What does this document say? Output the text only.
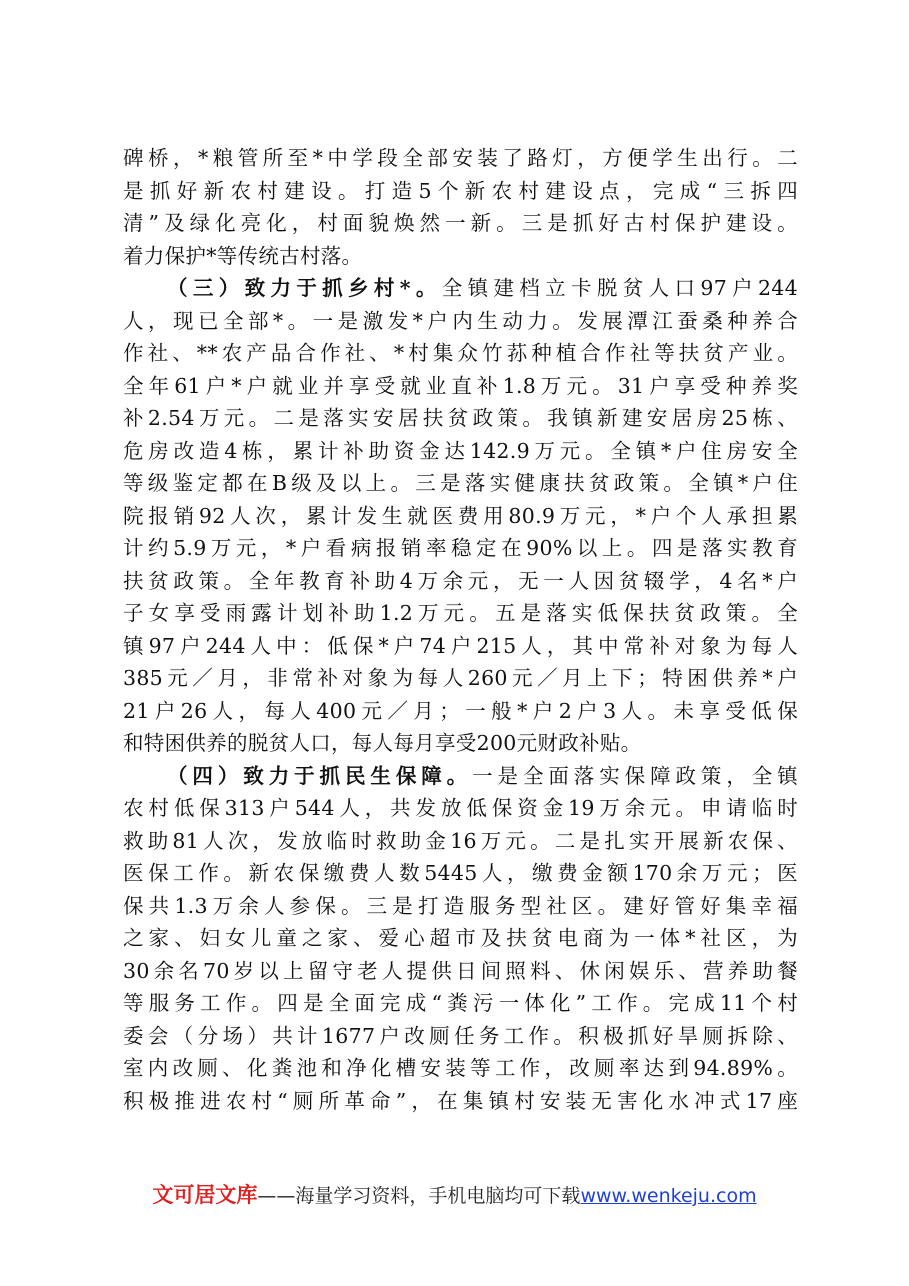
碑桥，*粮管所至*中学段全部安装了路灯，方便学生出行。二
是抓好新农村建设。打造5个新农村建设点，完成“三拆四
清”及绿化亮化，村面貌焕然一新。三是抓好古村保护建设。
着力保护*等传统古村落。
（三）致力于抓乡村*。全镇建档立卡脱贫人口97户244
人，现已全部*。一是激发*户内生动力。发展潭江蚕桑种养合
作社、**农产品合作社、*村集众竹荪种植合作社等扶贫产业。
全年61户*户就业并享受就业直补1.8万元。31户享受种养奖
补2.54万元。二是落实安居扶贫政策。我镇新建安居房25栋、
危房改造4栋，累计补助资金达142.9万元。全镇*户住房安全
等级鉴定都在B级及以上。三是落实健康扶贫政策。全镇*户住
院报销92人次，累计发生就医费用80.9万元，*户个人承担累
计约5.9万元，*户看病报销率稳定在90%以上。四是落实教育
扶贫政策。全年教育补助4万余元，无一人因贫辍学，4名*户
子女享受雨露计划补助1.2万元。五是落实低保扶贫政策。全
镇97户244人中：低保*户74户215人，其中常补对象为每人
385元／月，非常补对象为每人260元／月上下；特困供养*户
21户26人，每人400元／月；一般*户2户3人。未享受低保
和特困供养的脱贫人口，每人每月享受200元财政补贴。
（四）致力于抓民生保障。一是全面落实保障政策，全镇
农村低保313户544人，共发放低保资金19万余元。申请临时
救助81人次，发放临时救助金16万元。二是扎实开展新农保、
医保工作。新农保缴费人数5445人，缴费金额170余万元；医
保共1.3万余人参保。三是打造服务型社区。建好管好集幸福
之家、妇女儿童之家、爱心超市及扶贫电商为一体*社区，为
30余名70岁以上留守老人提供日间照料、休闲娱乐、营养助餐
等服务工作。四是全面完成“粪污一体化”工作。完成11个村
委会（分场）共计1677户改厕任务工作。积极抓好旱厕拆除、
室内改厕、化粪池和净化槽安装等工作，改厕率达到94.89%。
积极推进农村“厕所革命”，在集镇村安装无害化水冲式17座
文可居文库——海量学习资料，手机电脑均可下载www.wenkeju.com
